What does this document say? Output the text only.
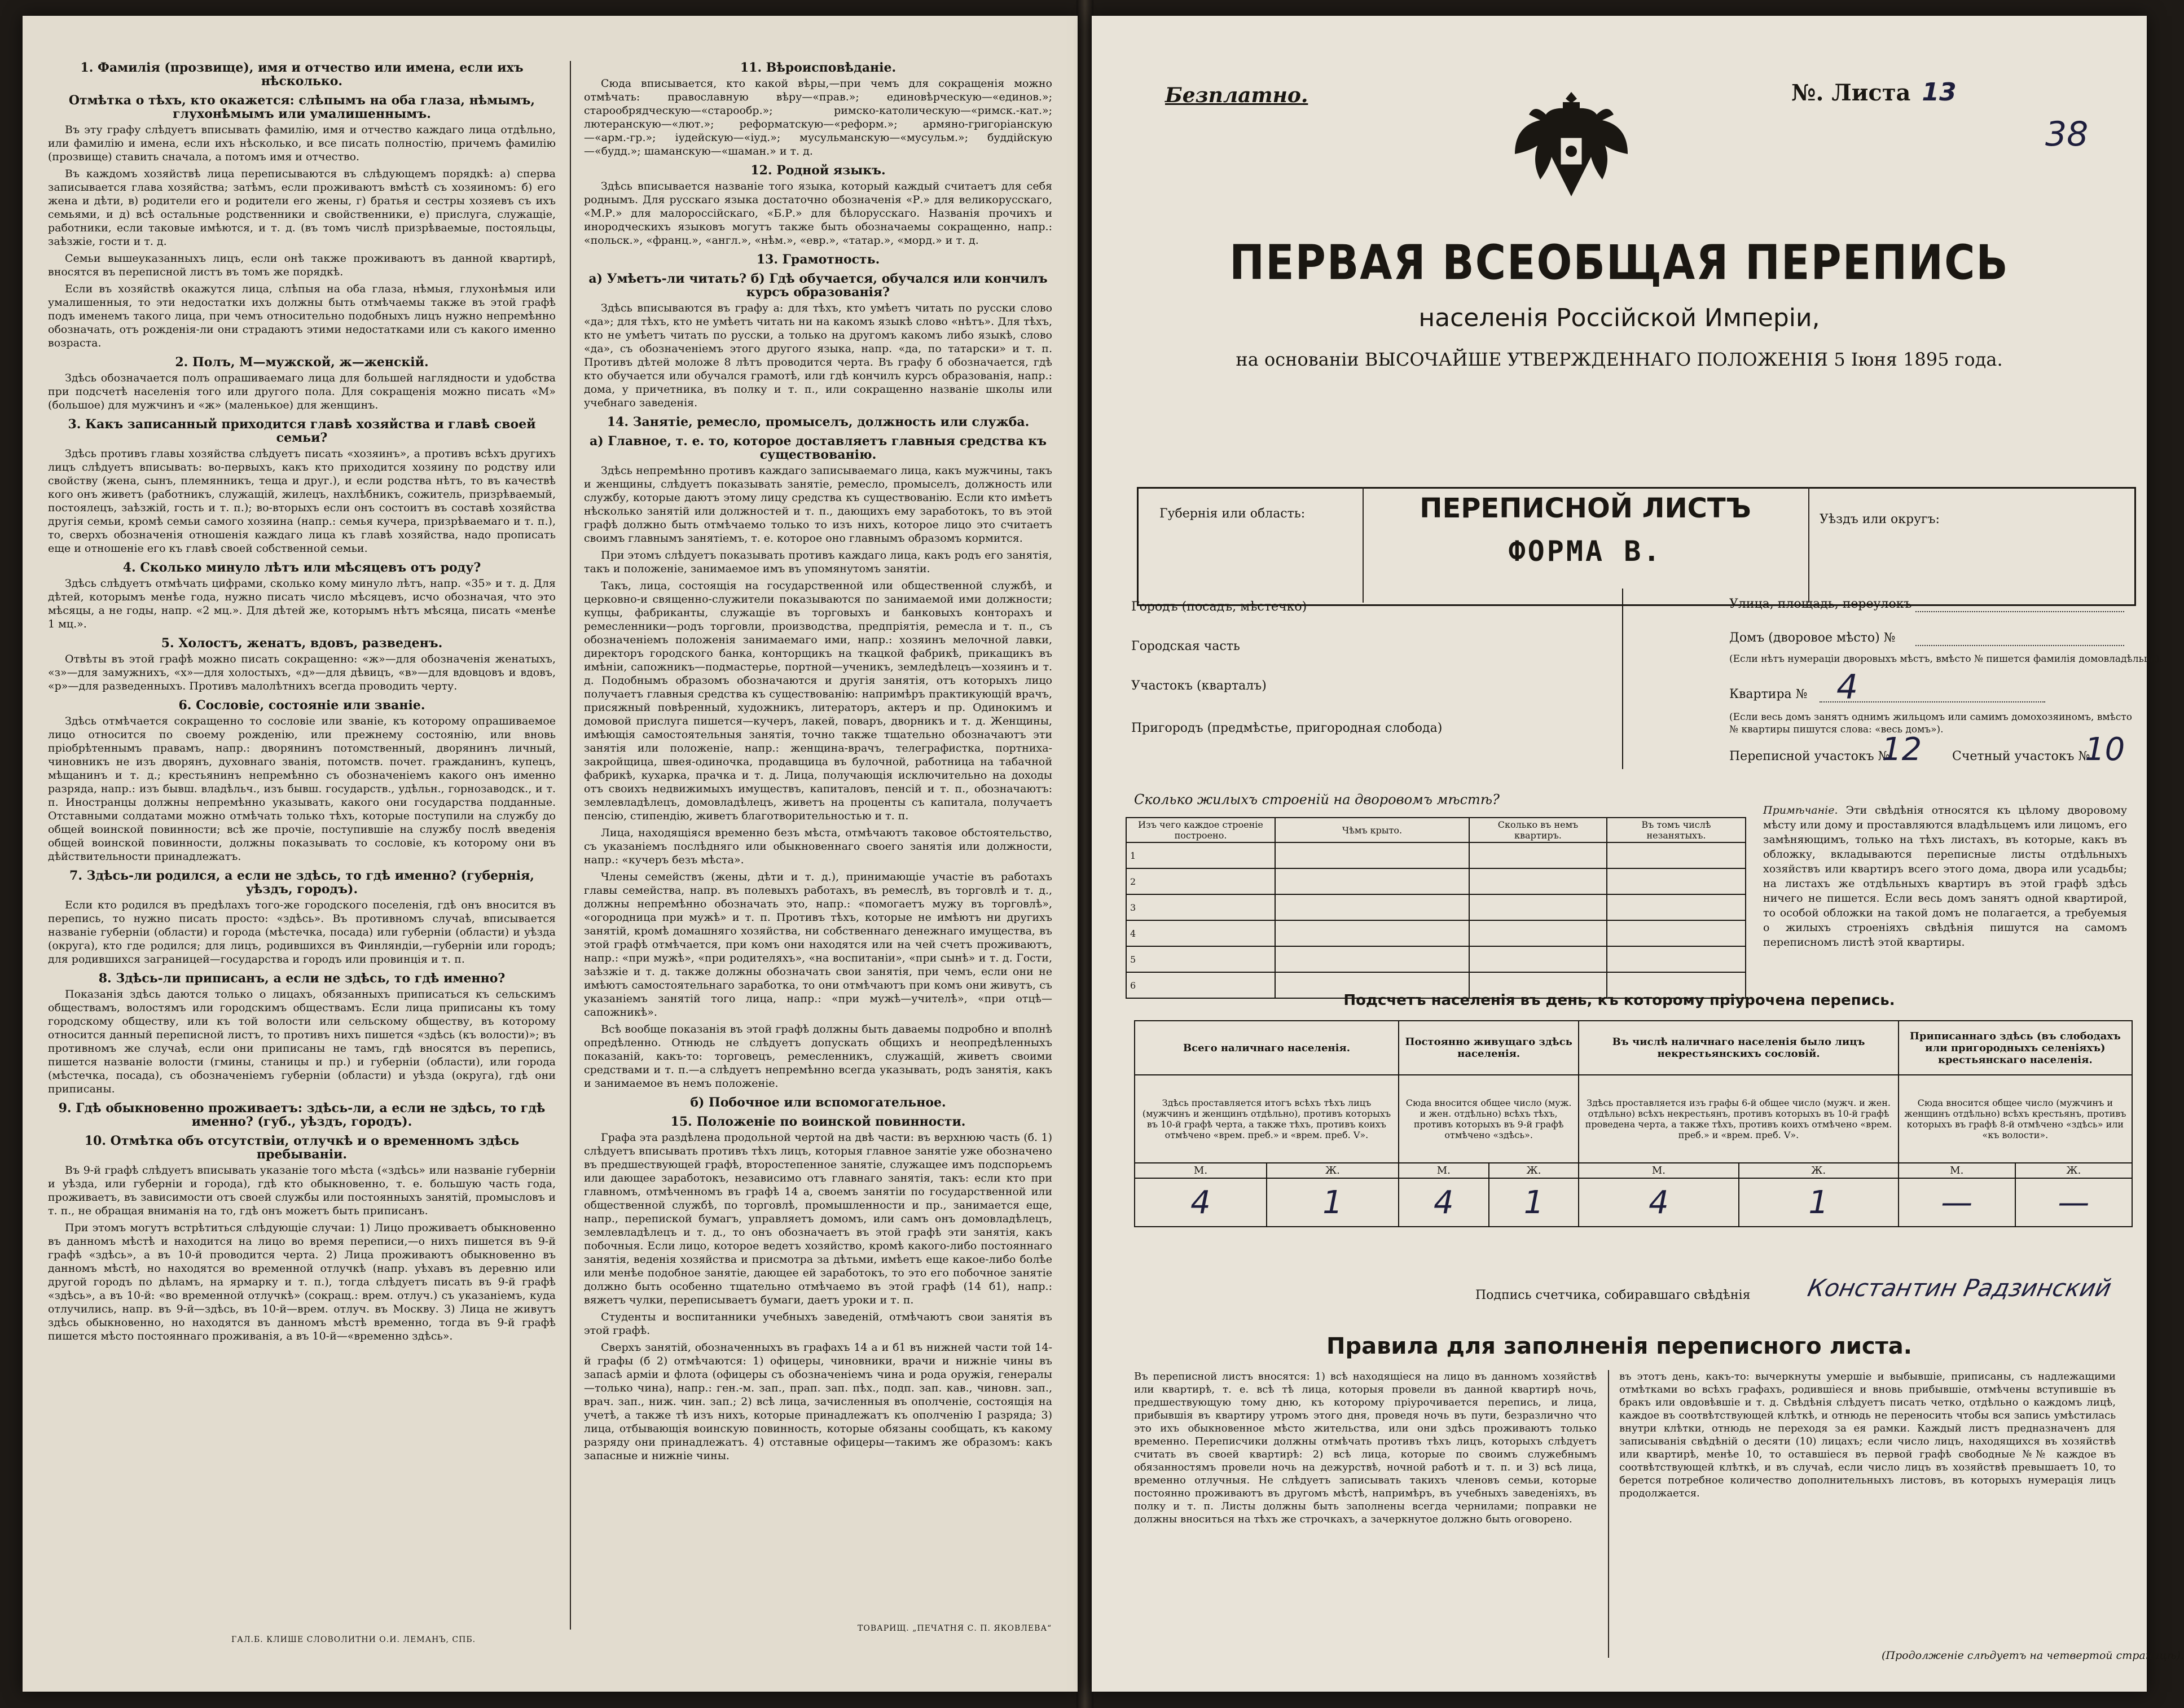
1. Фамилія (прозвище), имя и отчество или имена, если ихъ нѣсколько.
Отмѣтка о тѣхъ, кто окажется: слѣпымъ на оба глаза, нѣмымъ, глухонѣмымъ или умалишеннымъ.

Въ эту графу слѣдуетъ вписывать фамилію, имя и отчество каждаго лица отдѣльно, или фамилію и имена, если ихъ нѣсколько, и все писать полностію, причемъ фамилію (прозвище) ставить сначала, а потомъ имя и отчество.

Въ каждомъ хозяйствѣ лица переписываются въ слѣдующемъ порядкѣ: а) сперва записывается глава хозяйства; затѣмъ, если проживаютъ вмѣстѣ съ хозяиномъ: б) его жена и дѣти, в) родители его и родители его жены, г) братья и сестры хозяевъ съ ихъ семьями, и д) всѣ остальные родственники и свойственники, е) прислуга, служащіе, работники, если таковые имѣются, и т. д. (въ томъ числѣ призрѣваемые, постояльцы, заѣзжіе, гости и т. д.

Семьи вышеуказанныхъ лицъ, если онѣ также проживаютъ въ данной квартирѣ, вносятся въ переписной листъ въ томъ же порядкѣ.

Если въ хозяйствѣ окажутся лица, слѣпыя на оба глаза, нѣмыя, глухонѣмыя или умалишенныя, то эти недостатки ихъ должны быть отмѣчаемы также въ этой графѣ подъ именемъ такого лица, при чемъ относительно подобныхъ лицъ нужно непремѣнно обозначать, отъ рожденія-ли они страдаютъ этими недостатками или съ какого именно возраста.

2. Полъ, М—мужской, ж—женскій.

Здѣсь обозначается полъ опрашиваемаго лица для большей наглядности и удобства при подсчетѣ населенія того или другого пола. Для сокращенія можно писать «М» (большое) для мужчинъ и «ж» (маленькое) для женщинъ.

3. Какъ записанный приходится главѣ хозяйства и главѣ своей семьи?

Здѣсь противъ главы хозяйства слѣдуетъ писать «хозяинъ», а противъ всѣхъ другихъ лицъ слѣдуетъ вписывать: во-первыхъ, какъ кто приходится хозяину по родству или свойству (жена, сынъ, племянникъ, теща и друг.), и если родства нѣтъ, то въ качествѣ кого онъ живетъ (работникъ, служащій, жилецъ, нахлѣбникъ, сожитель, призрѣваемый, постоялецъ, заѣзжій, гость и т. п.); во-вторыхъ если онъ состоитъ въ составѣ хозяйства другія семьи, кромѣ семьи самого хозяина (напр.: семья кучера, призрѣваемаго и т. п.), то, сверхъ обозначенія отношенія каждаго лица къ главѣ хозяйства, надо прописать еще и отношеніе его къ главѣ своей собственной семьи.

4. Сколько минуло лѣтъ или мѣсяцевъ отъ роду?

Здѣсь слѣдуетъ отмѣчать цифрами, сколько кому минуло лѣтъ, напр. «35» и т. д. Для дѣтей, которымъ менѣе года, нужно писать число мѣсяцевъ, исчо обозначая, что это мѣсяцы, а не годы, напр. «2 мц.». Для дѣтей же, которымъ нѣтъ мѣсяца, писать «менѣе 1 мц.».

5. Холостъ, женатъ, вдовъ, разведенъ.

Отвѣты въ этой графѣ можно писать сокращенно: «ж»—для обозначенія женатыхъ, «з»—для замужнихъ, «х»—для холостыхъ, «д»—для дѣвицъ, «в»—для вдовцовъ и вдовъ, «р»—для разведенныхъ. Противъ малолѣтнихъ всегда проводить черту.

6. Сословіе, состояніе или званіе.

Здѣсь отмѣчается сокращенно то сословіе или званіе, къ которому опрашиваемое лицо относится по своему рожденію, или прежнему состоянію, или вновь пріобрѣтеннымъ правамъ, напр.: дворянинъ потомственный, дворянинъ личный, чиновникъ не изъ дворянъ, духовнаго званія, потомств. почет. гражданинъ, купецъ, мѣщанинъ и т. д.; крестьянинъ непремѣнно съ обозначеніемъ какого онъ именно разряда, напр.: изъ бывш. владѣльч., изъ бывш. государств., удѣльн., горнозаводск., и т. п. Иностранцы должны непремѣнно указывать, какого они государства подданные. Отставными солдатами можно отмѣчать только тѣхъ, которые поступили на службу до общей воинской повинности; всѣ же прочіе, поступившіе на службу послѣ введенія общей воинской повинности, должны показывать то сословіе, къ которому они въ дѣйствительности принадлежатъ.

7. Здѣсь-ли родился, а если не здѣсь, то гдѣ именно? (губернія, уѣздъ, городъ).

Если кто родился въ предѣлахъ того-же городского поселенія, гдѣ онъ вносится въ перепись, то нужно писать просто: «здѣсь». Въ противномъ случаѣ, вписывается названіе губерніи (области) и города (мѣстечка, посада) или губерніи (области) и уѣзда (округа), кто где родился; для лицъ, родившихся въ Финляндіи,—губерніи или городъ; для родившихся заграницей—государства и городъ или провинція и т. п.

8. Здѣсь-ли приписанъ, а если не здѣсь, то гдѣ именно?

Показанія здѣсь даются только о лицахъ, обязанныхъ приписаться къ сельскимъ обществамъ, волостямъ или городскимъ обществамъ. Если лица приписаны къ тому городскому обществу, или къ той волости или сельскому обществу, въ которому относится данный переписной листъ, то противъ нихъ пишется «здѣсь (къ волости)»; въ противномъ же случаѣ, если они приписаны не тамъ, гдѣ вносятся въ перепись, пишется названіе волости (гмины, станицы и пр.) и губерніи (области), или города (мѣстечка, посада), съ обозначеніемъ губерніи (области) и уѣзда (округа), гдѣ они приписаны.

9. Гдѣ обыкновенно проживаетъ: здѣсь-ли, а если не здѣсь, то гдѣ именно? (губ., уѣздъ, городъ).
10. Отмѣтка объ отсутствіи, отлучкѣ и о временномъ здѣсь пребываніи.

Въ 9-й графѣ слѣдуетъ вписывать указаніе того мѣста («здѣсь» или названіе губерніи и уѣзда, или губерніи и города), гдѣ кто обыкновенно, т. е. большую часть года, проживаетъ, въ зависимости отъ своей службы или постоянныхъ занятій, промысловъ и т. п., не обращая вниманія на то, гдѣ онъ можетъ быть приписанъ.

При этомъ могутъ встрѣтиться слѣдующіе случаи: 1) Лицо проживаетъ обыкновенно въ данномъ мѣстѣ и находится на лицо во время переписи,—о нихъ пишется въ 9-й графѣ «здѣсь», а въ 10-й проводится черта. 2) Лица проживаютъ обыкновенно въ данномъ мѣстѣ, но находятся во временной отлучкѣ (напр. уѣхавъ въ деревню или другой городъ по дѣламъ, на ярмарку и т. п.), тогда слѣдуетъ писать въ 9-й графѣ «здѣсь», а въ 10-й: «во временной отлучкѣ» (сокращ.: врем. отлуч.) съ указаніемъ, куда отлучились, напр. въ 9-й—здѣсь, въ 10-й—врем. отлуч. въ Москву. 3) Лица не живутъ здѣсь обыкновенно, но находятся въ данномъ мѣстѣ временно, тогда въ 9-й графѣ пишется мѣсто постояннаго проживанія, а въ 10-й—«временно здѣсь».

11. Вѣроисповѣданіе.

Сюда вписывается, кто какой вѣры,—при чемъ для сокращенія можно отмѣчать: православную вѣру—«прав.»; единовѣрческую—«единов.»; старообрядческую—«старообр.»; римско-католическую—«римск.-кат.»; лютеранскую—«лют.»; реформатскую—«реформ.»; армяно-григоріанскую—«арм.-гр.»; іудейскую—«іуд.»; мусульманскую—«мусульм.»; буддійскую—«будд.»; шаманскую—«шаман.» и т. д.

12. Родной языкъ.

Здѣсь вписывается названіе того языка, который каждый считаетъ для себя роднымъ. Для русскаго языка достаточно обозначенія «Р.» для великорусскаго, «М.Р.» для малороссійскаго, «Б.Р.» для бѣлорусскаго. Названія прочихъ и инородческихъ языковъ могутъ также быть обозначаемы сокращенно, напр.: «польск.», «франц.», «англ.», «нѣм.», «евр.», «татар.», «морд.» и т. д.

13. Грамотность.
а) Умѣетъ-ли читать? б) Гдѣ обучается, обучался или кончилъ курсъ образованія?

Здѣсь вписываются въ графу а: для тѣхъ, кто умѣетъ читать по русски слово «да»; для тѣхъ, кто не умѣетъ читать ни на какомъ языкѣ слово «нѣтъ». Для тѣхъ, кто не умѣетъ читать по русски, а только на другомъ какомъ либо языкѣ, слово «да», съ обозначеніемъ этого другого языка, напр. «да, по татарски» и т. п. Противъ дѣтей моложе 8 лѣтъ проводится черта. Въ графу б обозначается, гдѣ кто обучается или обучался грамотѣ, или гдѣ кончилъ курсъ образованія, напр.: дома, у причетника, въ полку и т. п., или сокращенно названіе школы или учебнаго заведенія.

14. Занятіе, ремесло, промыселъ, должность или служба.
а) Главное, т. е. то, которое доставляетъ главныя средства къ существованію.

Здѣсь непремѣнно противъ каждаго записываемаго лица, какъ мужчины, такъ и женщины, слѣдуетъ показывать занятіе, ремесло, промыселъ, должность или службу, которые даютъ этому лицу средства къ существованію. Если кто имѣетъ нѣсколько занятій или должностей и т. п., дающихъ ему заработокъ, то въ этой графѣ должно быть отмѣчаемо только то изъ нихъ, которое лицо это считаетъ своимъ главнымъ занятіемъ, т. е. которое оно главнымъ образомъ кормится.

При этомъ слѣдуетъ показывать противъ каждаго лица, какъ родъ его занятія, такъ и положеніе, занимаемое имъ въ упомянутомъ занятіи.

Такъ, лица, состоящія на государственной или общественной службѣ, и церковно-и священно-служители показываются по занимаемой ими должности; купцы, фабриканты, служащіе въ торговыхъ и банковыхъ конторахъ и ремесленники—родъ торговли, производства, предпріятія, ремесла и т. п., съ обозначеніемъ положенія занимаемаго ими, напр.: хозяинъ мелочной лавки, директоръ городского банка, конторщикъ на ткацкой фабрикѣ, прикащикъ въ имѣніи, сапожникъ—подмастерье, портной—ученикъ, земледѣлецъ—хозяинъ и т. д. Подобнымъ образомъ обозначаются и другія занятія, отъ которыхъ лицо получаетъ главныя средства къ существованію: напримѣръ практикующій врачъ, присяжный повѣренный, художникъ, литераторъ, актеръ и пр. Одинокимъ и домовой прислуга пишется—кучеръ, лакей, поваръ, дворникъ и т. д. Женщины, имѣющія самостоятельныя занятія, точно также тщательно обозначаютъ эти занятія или положеніе, напр.: женщина-врачъ, телеграфистка, портниха-закройщица, швея-одиночка, продавщица въ булочной, работница на табачной фабрикѣ, кухарка, прачка и т. д. Лица, получающія исключительно на доходы отъ своихъ недвижимыхъ имуществъ, капиталовъ, пенсій и т. п., обозначаютъ: землевладѣлецъ, домовладѣлецъ, живетъ на проценты съ капитала, получаетъ пенсію, стипендію, живетъ благотворительностью и т. п.

Лица, находящіяся временно безъ мѣста, отмѣчаютъ таковое обстоятельство, съ указаніемъ послѣдняго или обыкновеннаго своего занятія или должности, напр.: «кучеръ безъ мѣста».

Члены семействъ (жены, дѣти и т. д.), принимающіе участіе въ работахъ главы семейства, напр. въ полевыхъ работахъ, въ ремеслѣ, въ торговлѣ и т. д., должны непремѣнно обозначать это, напр.: «помогаетъ мужу въ торговлѣ», «огородница при мужѣ» и т. п. Противъ тѣхъ, которые не имѣютъ ни другихъ занятій, кромѣ домашняго хозяйства, ни собственнаго денежнаго имущества, въ этой графѣ отмѣчается, при комъ они находятся или на чей счетъ проживаютъ, напр.: «при мужѣ», «при родителяхъ», «на воспитаніи», «при сынѣ» и т. д. Гости, заѣзжіе и т. д. также должны обозначать свои занятія, при чемъ, если они не имѣютъ самостоятельнаго заработка, то они отмѣчаютъ при комъ они живутъ, съ указаніемъ занятій того лица, напр.: «при мужѣ—учителѣ», «при отцѣ—сапожникѣ».

Всѣ вообще показанія въ этой графѣ должны быть даваемы подробно и вполнѣ опредѣленно. Отнюдь не слѣдуетъ допускать общихъ и неопредѣленныхъ показаній, какъ-то: торговецъ, ремесленникъ, служащій, живетъ своими средствами и т. п.—а слѣдуетъ непремѣнно всегда указывать, родъ занятія, какъ и занимаемое въ немъ положеніе.

б) Побочное или вспомогательное.
15. Положеніе по воинской повинности.

Графа эта раздѣлена продольной чертой на двѣ части: въ верхнюю часть (б. 1) слѣдуетъ вписывать противъ тѣхъ лицъ, которыя главное занятіе уже обозначено въ предшествующей графѣ, второстепенное занятіе, служащее имъ подспорьемъ или дающее заработокъ, независимо отъ главнаго занятія, такъ: если кто при главномъ, отмѣченномъ въ графѣ 14 а, своемъ занятіи по государственной или общественной службѣ, по торговлѣ, промышленности и пр., занимается еще, напр., перепиской бумагъ, управляетъ домомъ, или самъ онъ домовладѣлецъ, землевладѣлецъ и т. д., то онъ обозначаетъ въ этой графѣ эти занятія, какъ побочныя. Если лицо, которое ведетъ хозяйство, кромѣ какого-либо постояннаго занятія, веденія хозяйства и присмотра за дѣтьми, имѣетъ еще какое-либо болѣе или менѣе подобное занятіе, дающее ей заработокъ, то это его побочное занятіе должно быть особенно тщательно отмѣчаемо въ этой графѣ (14 б1), напр.: вяжетъ чулки, переписываетъ бумаги, даетъ уроки и т. п.

Студенты и воспитанники учебныхъ заведеній, отмѣчаютъ свои занятія въ этой графѣ.

Сверхъ занятій, обозначенныхъ въ графахъ 14 а и б1 въ нижней части той 14-й графы (б 2) отмѣчаются: 1) офицеры, чиновники, врачи и нижніе чины въ запасѣ арміи и флота (офицеры съ обозначеніемъ чина и рода оружія, генералы—только чина), напр.: ген.-м. зап., прап. зап. пѣх., подп. зап. кав., чиновн. зап., врач. зап., ниж. чин. зап.; 2) всѣ лица, зачисленныя въ ополченіе, состоящія на учетѣ, а также тѣ изъ нихъ, которые принадлежатъ къ ополченію I разряда; 3) лица, отбывающія воинскую повинность, которые обязаны сообщать, къ какому разряду они принадлежатъ. 4) отставные офицеры—такимъ же образомъ: какъ запасные и нижніе чины.

ГАЛ.Б. КЛИШЕ СЛОВОЛИТНИ О.И. ЛЕМАНЪ, СПБ.
ТОВАРИЩ. „ПЕЧАТНЯ С. П. ЯКОВЛЕВА“
Безплатно.	№. Листа 13
38
ПЕРВАЯ ВСЕОБЩАЯ ПЕРЕПИСЬ
населенія Россійской Имперіи,
на основаніи ВЫСОЧАЙШЕ УТВЕРЖДЕННАГО ПОЛОЖЕНІЯ 5 Іюня 1895 года.
Губернія или область:	ПЕРЕПИСНОЙ ЛИСТЪ
ФОРМА В.
Уѣздъ или округъ:
Городъ (посадъ, мѣстечко)
Городская часть
Участокъ (кварталъ)
Пригородъ (предмѣстье, пригородная слобода)
Улица, площадь, переулокъ
Домъ (дворовое мѣсто) №
(Если нѣтъ нумераціи дворовыхъ мѣстъ, вмѣсто № пишется фамилія домовладѣльца).
Квартира № 4
(Если весь домъ занятъ однимъ жильцомъ или самимъ домохозяиномъ, вмѣсто № квартиры пишутся слова: «весь домъ»).
Переписной участокъ №
12 Счетный участокъ №
10
Сколько жилыхъ строеній на дворовомъ мѣстѣ?
Изъ чего каждое строеніе построено.	Чѣмъ крыто.	Сколько въ немъ квартиръ.	Въ томъ числѣ незанятыхъ.
1			
2			
3			
4			
5			
6			
Примѣчаніе. Эти свѣдѣнія относятся къ цѣлому дворовому мѣсту или дому и проставляются владѣльцемъ или лицомъ, его замѣняющимъ, только на тѣхъ листахъ, въ которые, какъ въ обложку, вкладываются переписные листы отдѣльныхъ хозяйствъ или квартиръ всего этого дома, двора или усадьбы; на листахъ же отдѣльныхъ квартиръ въ этой графѣ здѣсь ничего не пишется. Если весь домъ занятъ одной квартирой, то особой обложки на такой домъ не полагается, а требуемыя о жилыхъ строеніяхъ свѣдѣнія пишутся на самомъ переписномъ листѣ этой квартиры.
Подсчетъ населенія въ день, къ которому пріурочена перепись.
Всего наличнаго населенія.		Постоянно живущаго здѣсь населенія.		Въ числѣ наличнаго населенія было лицъ некрестьянскихъ сословій.		Приписаннаго здѣсь (въ слободахъ или пригородныхъ селеніяхъ) крестьянскаго населенія.	
Здѣсь проставляется итогъ всѣхъ тѣхъ лицъ (мужчинъ и женщинъ отдѣльно), противъ которыхъ въ 10-й графѣ черта, а также тѣхъ, противъ коихъ отмѣчено «врем. преб.» и «врем. преб. V».		Сюда вносится общее число (муж. и жен. отдѣльно) всѣхъ тѣхъ, противъ которыхъ въ 9-й графѣ отмѣчено «здѣсь».		Здѣсь проставляется изъ графы 6-й общее число (мужч. и жен. отдѣльно) всѣхъ некрестьянъ, противъ которыхъ въ 10-й графѣ проведена черта, а также тѣхъ, противъ коихъ отмѣчено «врем. преб.» и «врем. преб. V».		Сюда вносится общее число (мужчинъ и женщинъ отдѣльно) всѣхъ крестьянъ, противъ которыхъ въ графѣ 8-й отмѣчено «здѣсь» или «къ волости».	
М.	Ж.	М.	Ж.	М.	Ж.	М.	Ж.
4	1	4	1	4	1	—	—
Подпись счетчика, собиравшаго свѣдѣнія Константин Радзинский
Правила для заполненія переписного листа.
Въ переписной листъ вносятся: 1) всѣ находящіеся на лицо въ данномъ хозяйствѣ или квартирѣ, т. е. всѣ тѣ лица, которыя провели въ данной квартирѣ ночь, предшествующую тому дню, къ которому пріурочивается перепись, и лица, прибывшія въ квартиру утромъ этого дня, проведя ночь въ пути, безразлично что это ихъ обыкновенное мѣсто жительства, или они здѣсь проживаютъ только временно. Переписчики должны отмѣчать противъ тѣхъ лицъ, которыхъ слѣдуетъ считать въ своей квартирѣ: 2) всѣ лица, которые по своимъ служебнымъ обязанностямъ провели ночь на дежурствѣ, ночной работѣ и т. п. и 3) всѣ лица, временно отлучныя. Не слѣдуетъ записывать такихъ членовъ семьи, которые постоянно проживаютъ въ другомъ мѣстѣ, напримѣръ, въ учебныхъ заведеніяхъ, въ полку и т. п. Листы должны быть заполнены всегда чернилами; поправки не должны вноситься на тѣхъ же строчкахъ, а зачеркнутое должно быть оговорено.
въ этотъ день, какъ-то: вычеркнуты умершіе и выбывшіе, приписаны, съ надлежащими отмѣтками во всѣхъ графахъ, родившіеся и вновь прибывшіе, отмѣчены вступившіе въ бракъ или овдовѣвшіе и т. д. Свѣдѣнія слѣдуетъ писать четко, отдѣльно о каждомъ лицѣ, каждое въ соотвѣтствующей клѣткѣ, и отнюдь не переносить чтобы вся запись умѣстилась внутри клѣтки, отнюдь не переходя за ея рамки. Каждый листъ предназначенъ для записыванія свѣдѣній о десяти (10) лицахъ; если число лицъ, находящихся въ хозяйствѣ или квартирѣ, менѣе 10, то оставшіеся въ первой графѣ свободные №№ каждое въ соотвѣтствующей клѣткѣ, и въ случаѣ, если число лицъ въ хозяйствѣ превышаетъ 10, то берется потребное количество дополнительныхъ листовъ, въ которыхъ нумерація лицъ продолжается.
(Продолженіе слѣдуетъ на четвертой страницѣ).
